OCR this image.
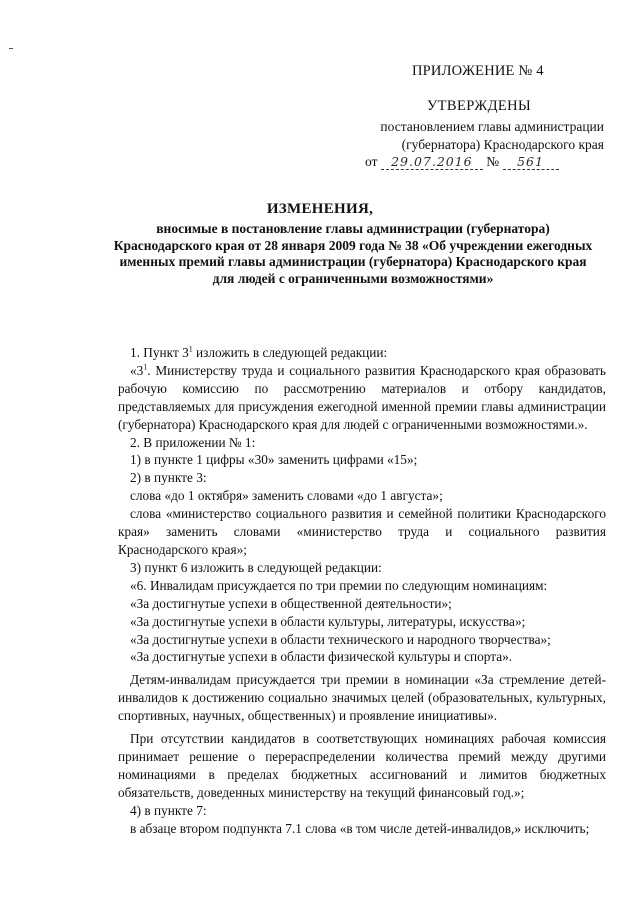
ПРИЛОЖЕНИЕ № 4
УТВЕРЖДЕНЫ
постановлением главы администрации
(губернатора) Краснодарского края
от 29.07.2016 № 561
ИЗМЕНЕНИЯ,
вносимые в постановление главы администрации (губернатора) Краснодарского края от 28 января 2009 года № 38 «Об учреждении ежегодных именных премий главы администрации (губернатора) Краснодарского края для людей с ограниченными возможностями»

1. Пункт $3^1$ изложить в следующей редакции:

«$3^1$. Министерству труда и социального развития Краснодарского края образовать рабочую комиссию по рассмотрению материалов и отбору кандидатов, представляемых для присуждения ежегодной именной премии главы администрации (губернатора) Краснодарского края для людей с ограниченными возможностями.».

2. В приложении № 1:

1) в пункте 1 цифры «30» заменить цифрами «15»;

2) в пункте 3:

слова «до 1 октября» заменить словами «до 1 августа»;

слова «министерство социального развития и семейной политики Краснодарского края» заменить словами «министерство труда и социального развития Краснодарского края»;

3) пункт 6 изложить в следующей редакции:

«6. Инвалидам присуждается по три премии по следующим номинациям:

«За достигнутые успехи в общественной деятельности»;

«За достигнутые успехи в области культуры, литературы, искусства»;

«За достигнутые успехи в области технического и народного творчества»;

«За достигнутые успехи в области физической культуры и спорта».

Детям-инвалидам присуждается три премии в номинации «За стремление детей-инвалидов к достижению социально значимых целей (образовательных, культурных, спортивных, научных, общественных) и проявление инициативы».

При отсутствии кандидатов в соответствующих номинациях рабочая комиссия принимает решение о перераспределении количества премий между другими номинациями в пределах бюджетных ассигнований и лимитов бюджетных обязательств, доведенных министерству на текущий финансовый год.»;

4) в пункте 7:

в абзаце втором подпункта 7.1 слова «в том числе детей-инвалидов,» исключить;
